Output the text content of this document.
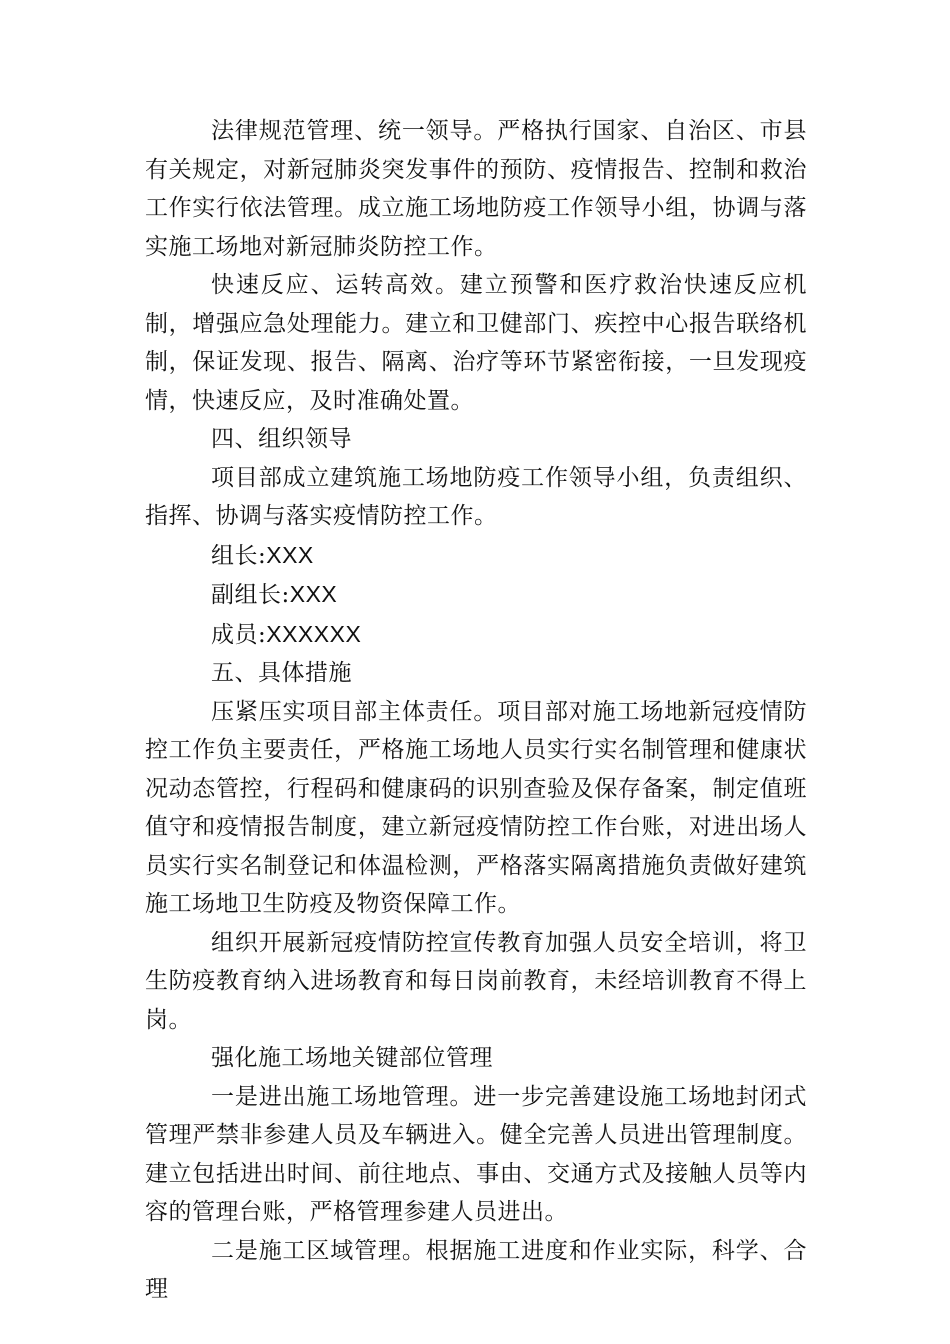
法律规范管理、统一领导。严格执行国家、自治区、市县有关规定，对新冠肺炎突发事件的预防、疫情报告、控制和救治工作实行依法管理。成立施工场地防疫工作领导小组，协调与落实施工场地对新冠肺炎防控工作。

快速反应、运转高效。建立预警和医疗救治快速反应机制，增强应急处理能力。建立和卫健部门、疾控中心报告联络机制，保证发现、报告、隔离、治疗等环节紧密衔接，一旦发现疫情，快速反应，及时准确处置。

四、组织领导

项目部成立建筑施工场地防疫工作领导小组，负责组织、指挥、协调与落实疫情防控工作。

组长:XXX

副组长:XXX

成员:XXXXXX

五、具体措施

压紧压实项目部主体责任。项目部对施工场地新冠疫情防控工作负主要责任，严格施工场地人员实行实名制管理和健康状况动态管控，行程码和健康码的识别查验及保存备案，制定值班值守和疫情报告制度，建立新冠疫情防控工作台账，对进出场人员实行实名制登记和体温检测，严格落实隔离措施负责做好建筑施工场地卫生防疫及物资保障工作。

组织开展新冠疫情防控宣传教育加强人员安全培训，将卫生防疫教育纳入进场教育和每日岗前教育，未经培训教育不得上岗。

强化施工场地关键部位管理

一是进出施工场地管理。进一步完善建设施工场地封闭式管理严禁非参建人员及车辆进入。健全完善人员进出管理制度。建立包括进出时间、前往地点、事由、交通方式及接触人员等内容的管理台账，严格管理参建人员进出。

二是施工区域管理。根据施工进度和作业实际，科学、合理
